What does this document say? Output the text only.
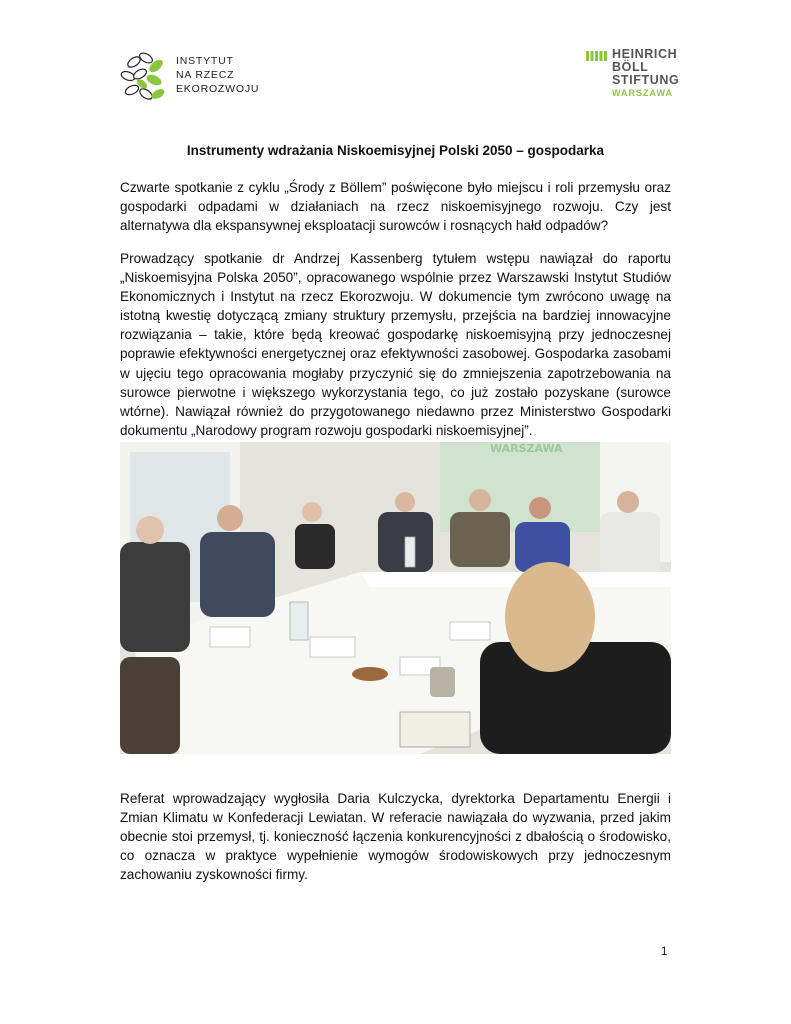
INSTYTUT
NA RZECZ
EKOROZWOJU
HEINRICH
BÖLL
STIFTUNG
WARSZAWA
Instrumenty wdrażania Niskoemisyjnej Polski 2050 – gospodarka

Czwarte spotkanie z cyklu „Środy z Böllem” poświęcone było miejscu i roli przemysłu oraz gospodarki odpadami w działaniach na rzecz niskoemisyjnego rozwoju. Czy jest alternatywa dla ekspansywnej eksploatacji surowców i rosnących hałd odpadów?

Prowadzący spotkanie dr Andrzej Kassenberg tytułem wstępu nawiązał do raportu „Niskoemisyjna Polska 2050”, opracowanego wspólnie przez Warszawski Instytut Studiów Ekonomicznych i Instytut na rzecz Ekorozwoju. W dokumencie tym zwrócono uwagę na istotną kwestię dotyczącą zmiany struktury przemysłu, przejścia na bardziej innowacyjne rozwiązania – takie, które będą kreować gospodarkę niskoemisyjną przy jednoczesnej poprawie efektywności energetycznej oraz efektywności zasobowej. Gospodarka zasobami w ujęciu tego opracowania mogłaby przyczynić się do zmniejszenia zapotrzebowania na surowce pierwotne i większego wykorzystania tego, co już zostało pozyskane (surowce wtórne). Nawiązał również do przygotowanego niedawno przez Ministerstwo Gospodarki dokumentu „Narodowy program rozwoju gospodarki niskoemisyjnej”.

WARSZAWA

Referat wprowadzający wygłosiła Daria Kulczycka, dyrektorka Departamentu Energii i Zmian Klimatu w Konfederacji Lewiatan. W referacie nawiązała do wyzwania, przed jakim obecnie stoi przemysł, tj. konieczność łączenia konkurencyjności z dbałością o środowisko, co oznacza w praktyce wypełnienie wymogów środowiskowych przy jednoczesnym zachowaniu zyskowności firmy.

1
